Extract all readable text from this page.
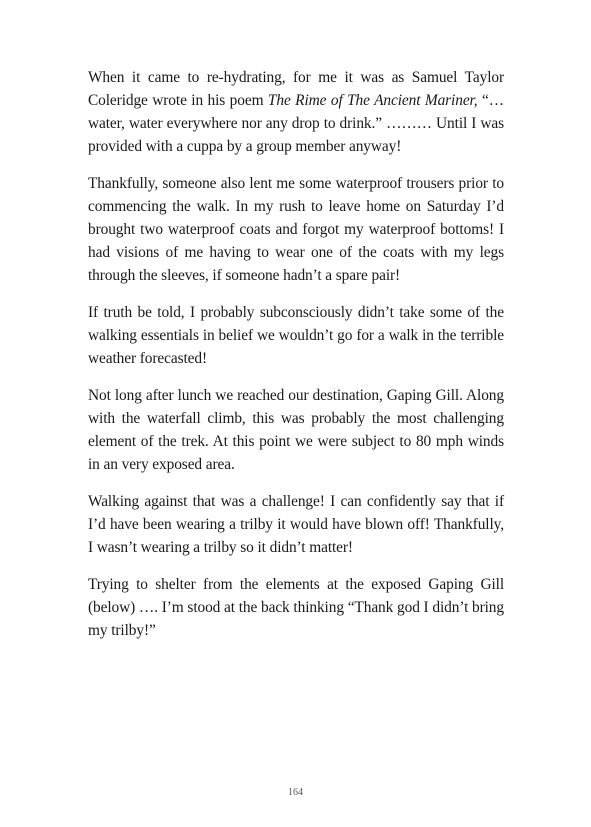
When it came to re-hydrating, for me it was as Samuel Taylor Coleridge wrote in his poem The Rime of The Ancient Mariner, “…water, water everywhere nor any drop to drink.” ……… Until I was provided with a cuppa by a group member anyway!

Thankfully, someone also lent me some waterproof trousers prior to commencing the walk. In my rush to leave home on Saturday I’d brought two waterproof coats and forgot my waterproof bottoms! I had visions of me having to wear one of the coats with my legs through the sleeves, if someone hadn’t a spare pair!

If truth be told, I probably subconsciously didn’t take some of the walking essentials in belief we wouldn’t go for a walk in the terrible weather forecasted!

Not long after lunch we reached our destination, Gaping Gill. Along with the waterfall climb, this was probably the most challenging element of the trek. At this point we were subject to 80 mph winds in an very exposed area.

Walking against that was a challenge! I can confidently say that if I’d have been wearing a trilby it would have blown off! Thankfully, I wasn’t wearing a trilby so it didn’t matter!

Trying to shelter from the elements at the exposed Gaping Gill (below) …. I’m stood at the back thinking “Thank god I didn’t bring my trilby!”

164
